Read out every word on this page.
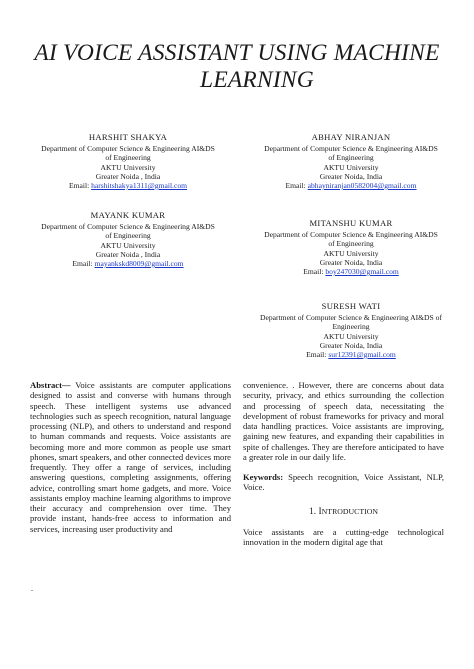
AI VOICE ASSISTANT USING MACHINE
LEARNING
HARSHIT SHAKYA
Department of Computer Science & Engineering AI&DS
of Engineering
AKTU University
Greater Noida , India
Email: harshitshakya1311@gmail.com
ABHAY NIRANJAN
Department of Computer Science & Engineering AI&DS
of Engineering
AKTU University
Greater Noida, India
Email: abhayniranjan0582004@gmail.com
MAYANK KUMAR
Department of Computer Science & Engineering AI&DS
of Engineering
AKTU University
Greater Noida , India
Email: mayankskd8009@gmail.com
MITANSHU KUMAR
Department of Computer Science & Engineering AI&DS
of Engineering
AKTU University
Greater Noida, India
Email: boy247030@gmail.com
SURESH WATI
Department of Computer Science & Engineering AI&DS of
Engineering
AKTU University
Greater Noida, India
Email: sur12391@gmail.com

Abstract— Voice assistants are computer applications designed to assist and converse with humans through speech. These intelligent systems use advanced technologies such as speech recognition, natural language processing (NLP), and others to understand and respond to human commands and requests. Voice assistants are becoming more and more common as people use smart phones, smart speakers, and other connected devices more frequently. They offer a range of services, including answering questions, completing assignments, offering advice, controlling smart home gadgets, and more. Voice assistants employ machine learning algorithms to improve their accuracy and comprehension over time. They provide instant, hands-free access to information and services, increasing user productivity and

convenience. . However, there are concerns about data security, privacy, and ethics surrounding the collection and processing of speech data, necessitating the development of robust frameworks for privacy and moral data handling practices. Voice assistants are improving, gaining new features, and expanding their capabilities in spite of challenges. They are therefore anticipated to have a greater role in our daily life.

Keywords: Speech recognition, Voice Assistant, NLP, Voice.

1. INTRODUCTION

Voice assistants are a cutting-edge technological innovation in the modern digital age that

.
